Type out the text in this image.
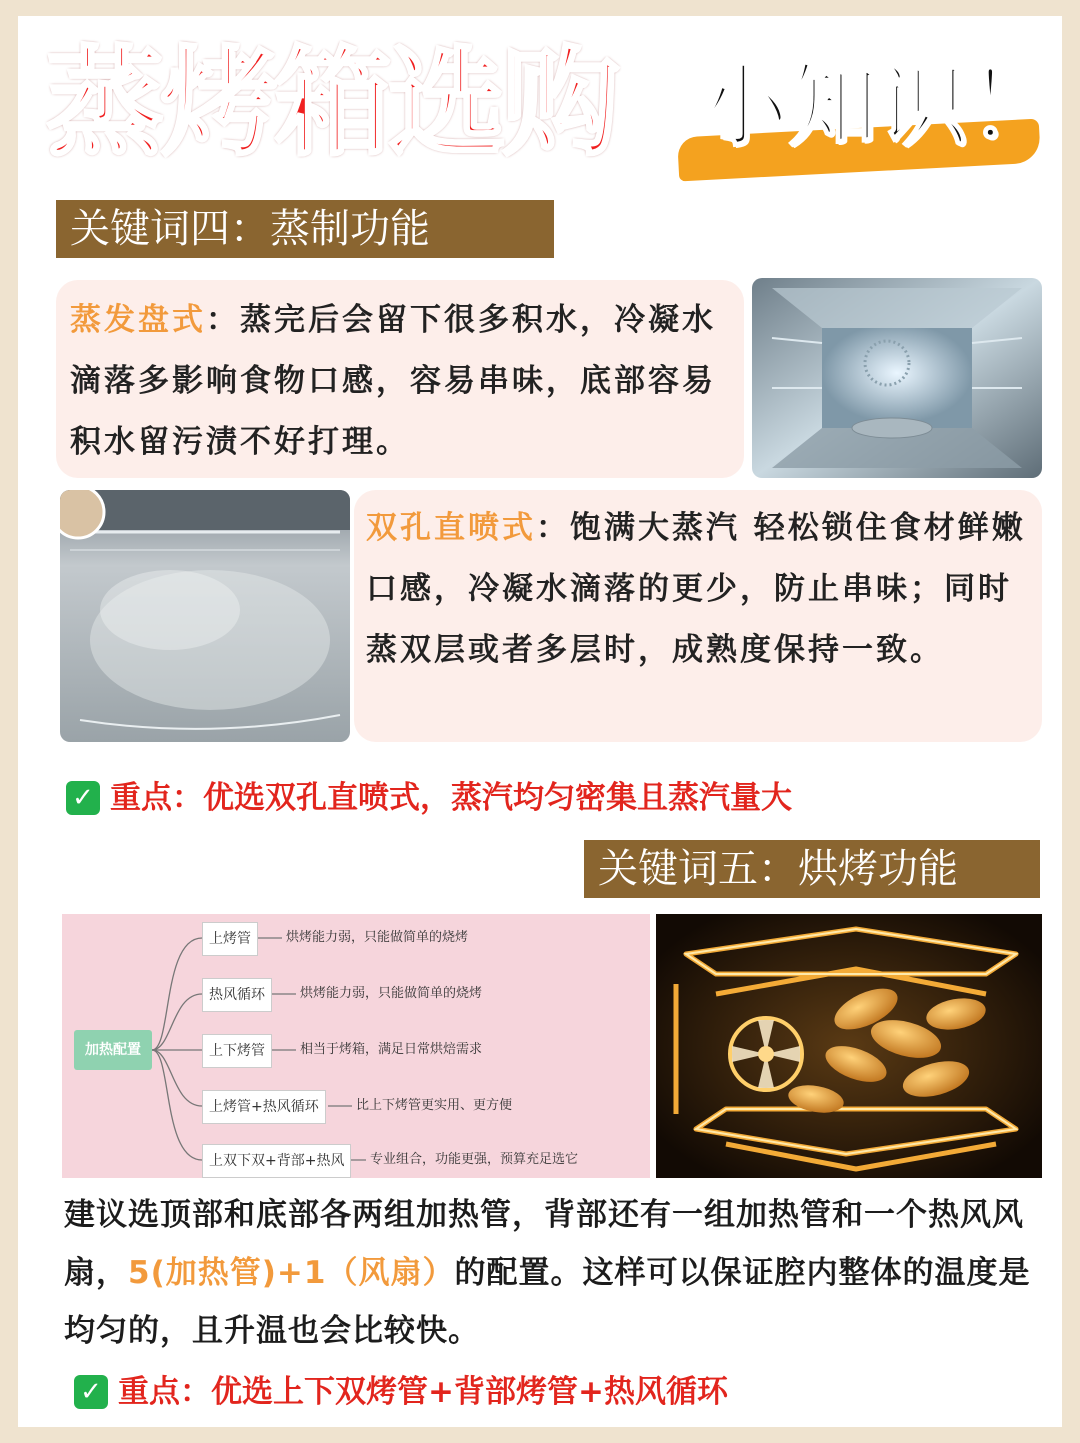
蒸烤箱选购 小知识！
关键词四：蒸制功能
蒸发盘式：蒸完后会留下很多积水，冷凝水滴落多影响食物口感，容易串味，底部容易积水留污渍不好打理。
双孔直喷式：饱满大蒸汽 轻松锁住食材鲜嫩口感，冷凝水滴落的更少，防止串味；同时蒸双层或者多层时，成熟度保持一致。
✓ 重点：优选双孔直喷式，蒸汽均匀密集且蒸汽量大
关键词五：烘烤功能
加热配置
上烤管	烘烤能力弱，只能做简单的烧烤
热风循环	烘烤能力弱，只能做简单的烧烤
上下烤管	相当于烤箱，满足日常烘焙需求
上烤管+热风循环	比上下烤管更实用、更方便
上双下双+背部+热风	专业组合，功能更强，预算充足选它
建议选顶部和底部各两组加热管，背部还有一组加热管和一个热风风扇，5(加热管)+1（风扇）的配置。这样可以保证腔内整体的温度是均匀的，且升温也会比较快。
✓ 重点：优选上下双烤管+背部烤管+热风循环
